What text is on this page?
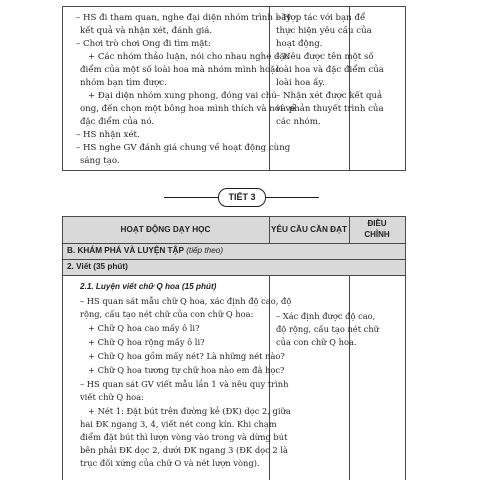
– HS đi tham quan, nghe đại diện nhóm trình bày
kết quả và nhận xét, đánh giá.
– Chơi trò chơi Ong đi tìm mật:
+ Các nhóm thảo luận, nói cho nhau nghe đặc
điểm của một số loài hoa mà nhóm mình hoặc
nhóm bạn tìm được.
+ Đại diện nhóm xung phong, đóng vai chú
ong, đến chọn một bông hoa mình thích và nói về
đặc điểm của nó.
– HS nhận xét.
– HS nghe GV đánh giá chung về hoạt động cùng
sáng tạo.
– Hợp tác với bạn để
thực hiện yêu cầu của
hoạt động.
– Nêu được tên một số
loài hoa và đặc điểm của
loài hoa ấy.
– Nhận xét được kết quả
và phản thuyết trình của
các nhóm.
TIẾT 3
HOẠT ĐỘNG DẠY HỌC	YÊU CẦU CẦN ĐẠT
ĐIỀU
CHỈNH
B. KHÁM PHÁ VÀ LUYỆN TẬP (tiếp theo)
2. Viết (35 phút)
2.1. Luyện viết chữ Q hoa (15 phút)
– HS quan sát mẫu chữ Q hoa, xác định độ cao, độ
rộng, cấu tạo nét chữ của con chữ Q hoa:
+ Chữ Q hoa cao mấy ô li?
+ Chữ Q hoa rộng mấy ô li?
+ Chữ Q hoa gồm mấy nét? Là những nét nào?
+ Chữ Q hoa tương tự chữ hoa nào em đã học?
– HS quan sát GV viết mẫu lần 1 và nêu quy trình
viết chữ Q hoa:
+ Nét 1: Đặt bút trên đường kẻ (ĐK) dọc 2, giữa
hai ĐK ngang 3, 4, viết nét cong kín. Khi chạm
điểm đặt bút thì lượn vòng vào trong và dừng bút
bên phải ĐK dọc 2, dưới ĐK ngang 3 (ĐK dọc 2 là
trục đối xứng của chữ O và nét lượn vòng).
– Xác định được độ cao,
độ rộng, cấu tạo nét chữ
của con chữ Q hoa.
